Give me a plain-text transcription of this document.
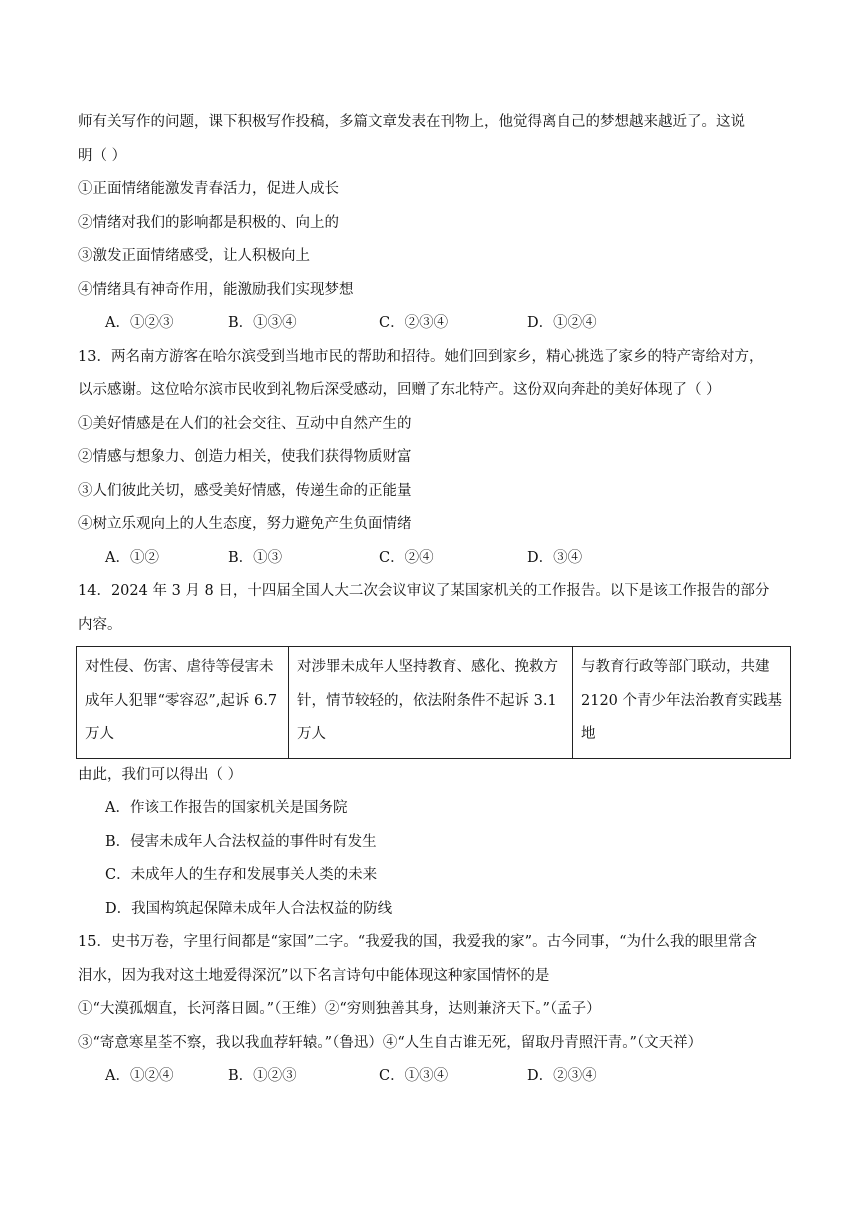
师有关写作的问题，课下积极写作投稿，多篇文章发表在刊物上，他觉得离自己的梦想越来越近了。这说
明（ ）
①正面情绪能激发青春活力，促进人成长
②情绪对我们的影响都是积极的、向上的
③激发正面情绪感受，让人积极向上
④情绪具有神奇作用，能激励我们实现梦想
A．①②③	B．①③④	C．②③④	D．①②④
13．两名南方游客在哈尔滨受到当地市民的帮助和招待。她们回到家乡，精心挑选了家乡的特产寄给对方，
以示感谢。这位哈尔滨市民收到礼物后深受感动，回赠了东北特产。这份双向奔赴的美好体现了（ ）
①美好情感是在人们的社会交往、互动中自然产生的
②情感与想象力、创造力相关，使我们获得物质财富
③人们彼此关切，感受美好情感，传递生命的正能量
④树立乐观向上的人生态度，努力避免产生负面情绪
A．①②	B．①③	C．②④	D．③④
14．2024 年 3 月 8 日，十四届全国人大二次会议审议了某国家机关的工作报告。以下是该工作报告的部分
内容。
对性侵、伤害、虐待等侵害未成年人犯罪“零容忍”,起诉 6.7 万人	对涉罪未成年人坚持教育、感化、挽救方针，情节较轻的，依法附条件不起诉 3.1 万人	与教育行政等部门联动，共建 2120 个青少年法治教育实践基地
由此，我们可以得出（ ）
A．作该工作报告的国家机关是国务院
B．侵害未成年人合法权益的事件时有发生
C．未成年人的生存和发展事关人类的未来
D．我国构筑起保障未成年人合法权益的防线
15．史书万卷，字里行间都是“家国”二字。“我爱我的国，我爱我的家”。古今同事，“为什么我的眼里常含
泪水，因为我对这土地爱得深沉”以下名言诗句中能体现这种家国情怀的是
①“大漠孤烟直，长河落日圆。”（王维）②“穷则独善其身，达则兼济天下。”（孟子）
③“寄意寒星荃不察，我以我血荐轩辕。”（鲁迅）④“人生自古谁无死，留取丹青照汗青。”（文天祥）
A．①②④	B．①②③	C．①③④	D．②③④
